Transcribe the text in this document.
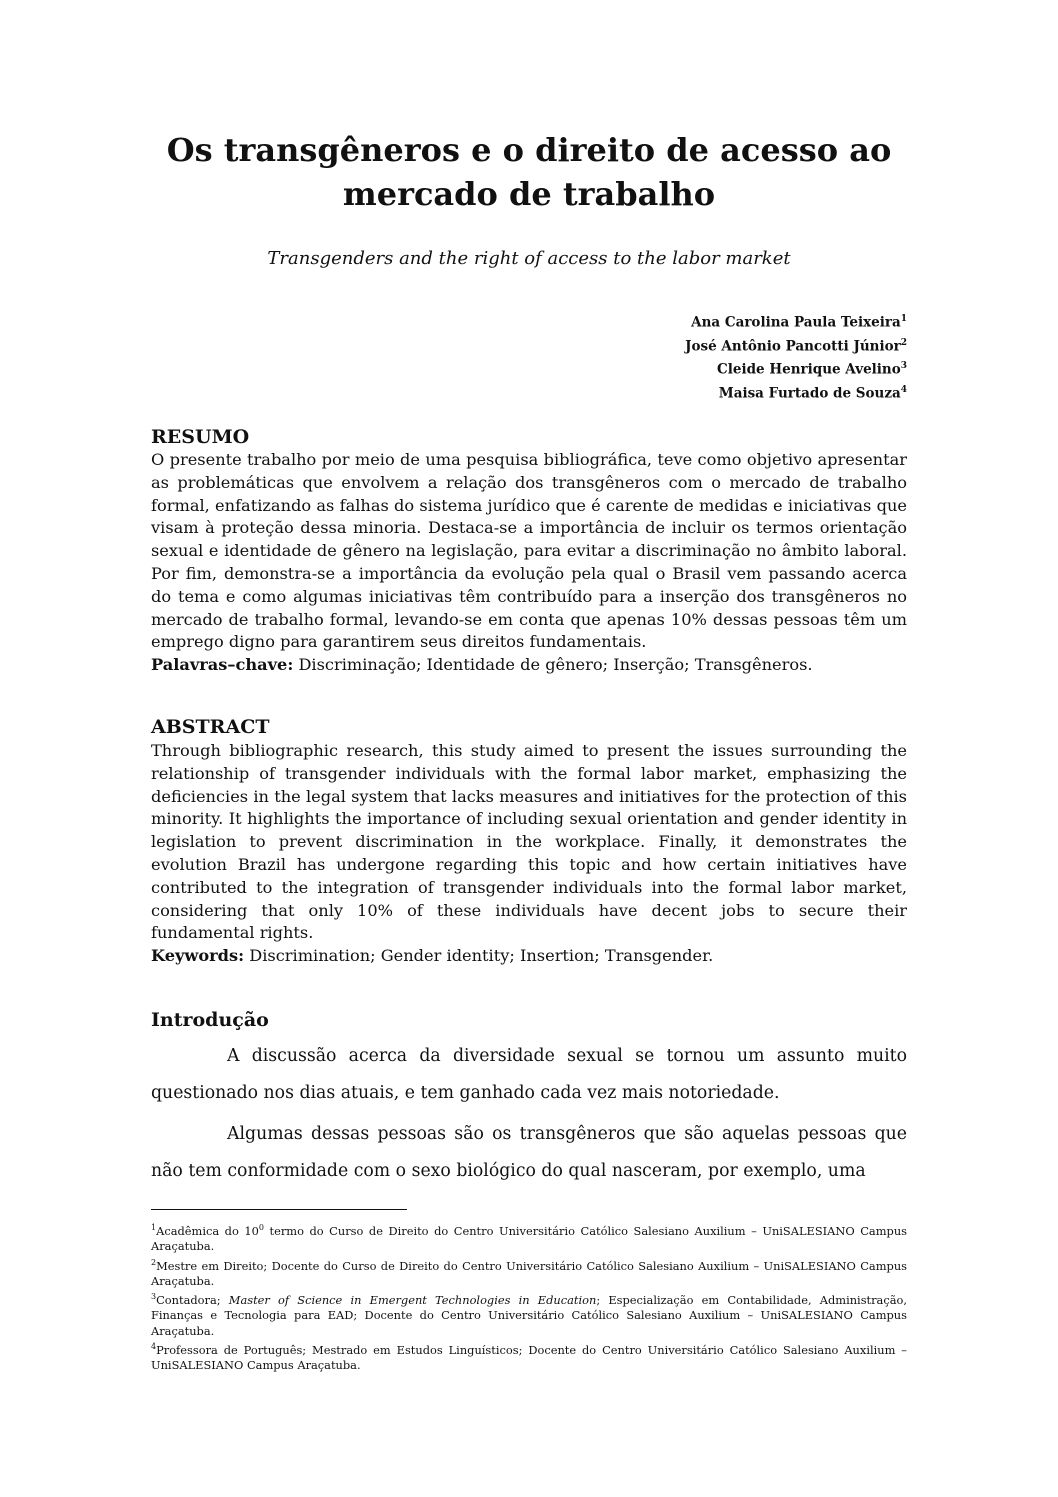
Os transgêneros e o direito de acesso ao
mercado de trabalho
Transgenders and the right of access to the labor market
Ana Carolina Paula Teixeira$^1$
José Antônio Pancotti Júnior$^2$
Cleide Henrique Avelino$^3$
Maisa Furtado de Souza$^4$
RESUMO

O presente trabalho por meio de uma pesquisa bibliográfica, teve como objetivo apresentar as problemáticas que envolvem a relação dos transgêneros com o mercado de trabalho formal, enfatizando as falhas do sistema jurídico que é carente de medidas e iniciativas que visam à proteção dessa minoria. Destaca-se a importância de incluir os termos orientação sexual e identidade de gênero na legislação, para evitar a discriminação no âmbito laboral. Por fim, demonstra-se a importância da evolução pela qual o Brasil vem passando acerca do tema e como algumas iniciativas têm contribuído para a inserção dos transgêneros no mercado de trabalho formal, levando-se em conta que apenas 10% dessas pessoas têm um emprego digno para garantirem seus direitos fundamentais.

Palavras–chave: Discriminação; Identidade de gênero; Inserção; Transgêneros.

ABSTRACT

Through bibliographic research, this study aimed to present the issues surrounding the relationship of transgender individuals with the formal labor market, emphasizing the deficiencies in the legal system that lacks measures and initiatives for the protection of this minority. It highlights the importance of including sexual orientation and gender identity in legislation to prevent discrimination in the workplace. Finally, it demonstrates the evolution Brazil has undergone regarding this topic and how certain initiatives have contributed to the integration of transgender individuals into the formal labor market, considering that only 10% of these individuals have decent jobs to secure their fundamental rights.

Keywords: Discrimination; Gender identity; Insertion; Transgender.

Introdução

A discussão acerca da diversidade sexual se tornou um assunto muito questionado nos dias atuais, e tem ganhado cada vez mais notoriedade.

Algumas dessas pessoas são os transgêneros que são aquelas pessoas que não tem conformidade com o sexo biológico do qual nasceram, por exemplo, uma

$^1$Acadêmica do $10^0$ termo do Curso de Direito do Centro Universitário Católico Salesiano Auxilium – UniSALESIANO Campus Araçatuba.

$^2$Mestre em Direito; Docente do Curso de Direito do Centro Universitário Católico Salesiano Auxilium – UniSALESIANO Campus Araçatuba.

$^3$Contadora; Master of Science in Emergent Technologies in Education; Especialização em Contabilidade, Administração, Finanças e Tecnologia para EAD; Docente do Centro Universitário Católico Salesiano Auxilium – UniSALESIANO Campus Araçatuba.

$^4$Professora de Português; Mestrado em Estudos Linguísticos; Docente do Centro Universitário Católico Salesiano Auxilium – UniSALESIANO Campus Araçatuba.
